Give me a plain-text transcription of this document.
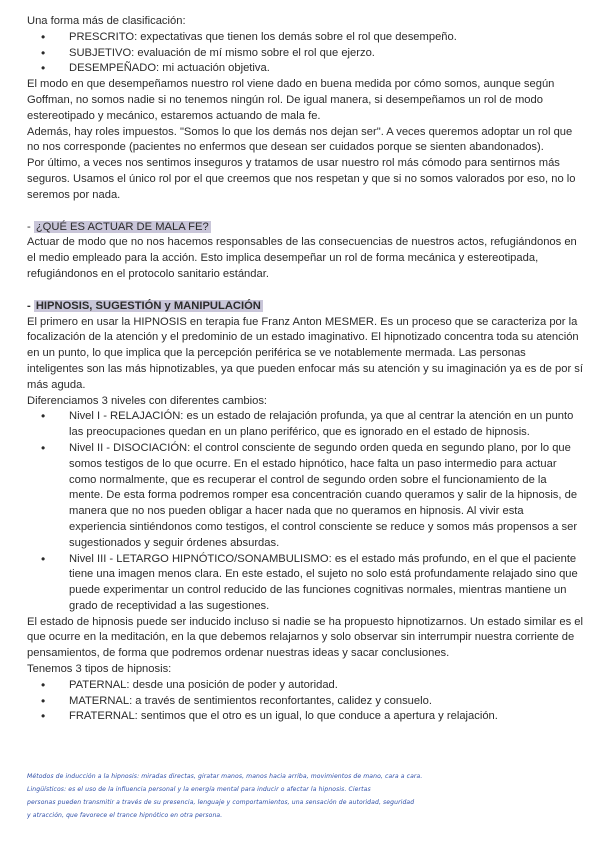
Una forma más de clasificación:

• PRESCRITO: expectativas que tienen los demás sobre el rol que desempeño.
• SUBJETIVO: evaluación de mí mismo sobre el rol que ejerzo.
• DESEMPEÑADO: mi actuación objetiva.

El modo en que desempeñamos nuestro rol viene dado en buena medida por cómo somos, aunque según Goffman, no somos nadie si no tenemos ningún rol. De igual manera, si desempeñamos un rol de modo estereotipado y mecánico, estaremos actuando de mala fe.

Además, hay roles impuestos. "Somos lo que los demás nos dejan ser". A veces queremos adoptar un rol que no nos corresponde (pacientes no enfermos que desean ser cuidados porque se sienten abandonados).

Por último, a veces nos sentimos inseguros y tratamos de usar nuestro rol más cómodo para sentirnos más seguros. Usamos el único rol por el que creemos que nos respetan y que si no somos valorados por eso, no lo seremos por nada.

- ¿QUÉ ES ACTUAR DE MALA FE?

Actuar de modo que no nos hacemos responsables de las consecuencias de nuestros actos, refugiándonos en el medio empleado para la acción. Esto implica desempeñar un rol de forma mecánica y estereotipada, refugiándonos en el protocolo sanitario estándar.

- HIPNOSIS, SUGESTIÓN y MANIPULACIÓN

El primero en usar la HIPNOSIS en terapia fue Franz Anton MESMER. Es un proceso que se caracteriza por la focalización de la atención y el predominio de un estado imaginativo. El hipnotizado concentra toda su atención en un punto, lo que implica que la percepción periférica se ve notablemente mermada. Las personas inteligentes son las más hipnotizables, ya que pueden enfocar más su atención y su imaginación ya es de por sí más aguda.

Diferenciamos 3 niveles con diferentes cambios:

• Nivel I - RELAJACIÓN: es un estado de relajación profunda, ya que al centrar la atención en un punto las preocupaciones quedan en un plano periférico, que es ignorado en el estado de hipnosis.
• Nivel II - DISOCIACIÓN: el control consciente de segundo orden queda en segundo plano, por lo que somos testigos de lo que ocurre. En el estado hipnótico, hace falta un paso intermedio para actuar como normalmente, que es recuperar el control de segundo orden sobre el funcionamiento de la mente. De esta forma podremos romper esa concentración cuando queramos y salir de la hipnosis, de manera que no nos pueden obligar a hacer nada que no queramos en hipnosis. Al vivir esta experiencia sintiéndonos como testigos, el control consciente se reduce y somos más propensos a ser sugestionados y seguir órdenes absurdas.
• Nivel III - LETARGO HIPNÓTICO/SONAMBULISMO: es el estado más profundo, en el que el paciente tiene una imagen menos clara. En este estado, el sujeto no solo está profundamente relajado sino que puede experimentar un control reducido de las funciones cognitivas normales, mientras mantiene un grado de receptividad a las sugestiones.

El estado de hipnosis puede ser inducido incluso si nadie se ha propuesto hipnotizarnos. Un estado similar es el que ocurre en la meditación, en la que debemos relajarnos y solo observar sin interrumpir nuestra corriente de pensamientos, de forma que podremos ordenar nuestras ideas y sacar conclusiones.

Tenemos 3 tipos de hipnosis:

• PATERNAL: desde una posición de poder y autoridad.
• MATERNAL: a través de sentimientos reconfortantes, calidez y consuelo.
• FRATERNAL: sentimos que el otro es un igual, lo que conduce a apertura y relajación.

Métodos de inducción a la hipnosis: miradas directas, giratar manos, manos hacia arriba, movimientos de mano, cara a cara.

Lingüísticos: es el uso de la influencia personal y la energía mental para inducir o afectar la hipnosis. Ciertas

personas pueden transmitir a través de su presencia, lenguaje y comportamientos, una sensación de autoridad, seguridad

y atracción, que favorece el trance hipnótico en otra persona.
